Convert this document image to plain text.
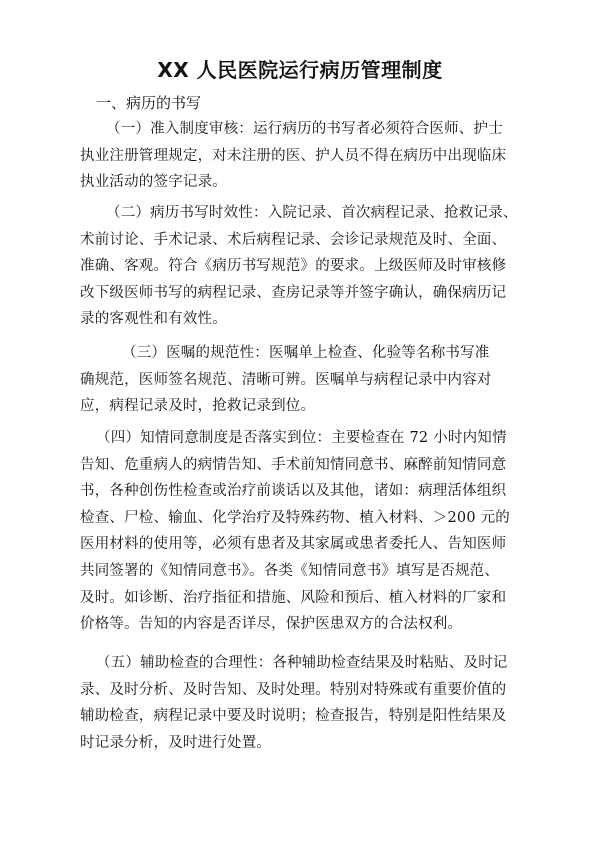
XX 人民医院运行病历管理制度
一、病历的书写
（一）准入制度审核：运行病历的书写者必须符合医师、护士
执业注册管理规定，对未注册的医、护人员不得在病历中出现临床
执业活动的签字记录。
（二）病历书写时效性：入院记录、首次病程记录、抢救记录、
术前讨论、手术记录、术后病程记录、会诊记录规范及时、全面、
准确、客观。符合《病历书写规范》的要求。上级医师及时审核修
改下级医师书写的病程记录、查房记录等并签字确认，确保病历记
录的客观性和有效性。
（三）医嘱的规范性：医嘱单上检查、化验等名称书写准
确规范，医师签名规范、清晰可辨。医嘱单与病程记录中内容对
应，病程记录及时，抢救记录到位。
（四）知情同意制度是否落实到位：主要检查在 72 小时内知情
告知、危重病人的病情告知、手术前知情同意书、麻醉前知情同意
书，各种创伤性检查或治疗前谈话以及其他，诸如：病理活体组织
检查、尸检、输血、化学治疗及特殊药物、植入材料、＞200 元的
医用材料的使用等，必须有患者及其家属或患者委托人、告知医师
共同签署的《知情同意书》。各类《知情同意书》填写是否规范、
及时。如诊断、治疗指征和措施、风险和预后、植入材料的厂家和
价格等。告知的内容是否详尽，保护医患双方的合法权利。
（五）辅助检查的合理性：各种辅助检查结果及时粘贴、及时记
录、及时分析、及时告知、及时处理。特别对特殊或有重要价值的
辅助检查，病程记录中要及时说明；检查报告，特别是阳性结果及
时记录分析，及时进行处置。
